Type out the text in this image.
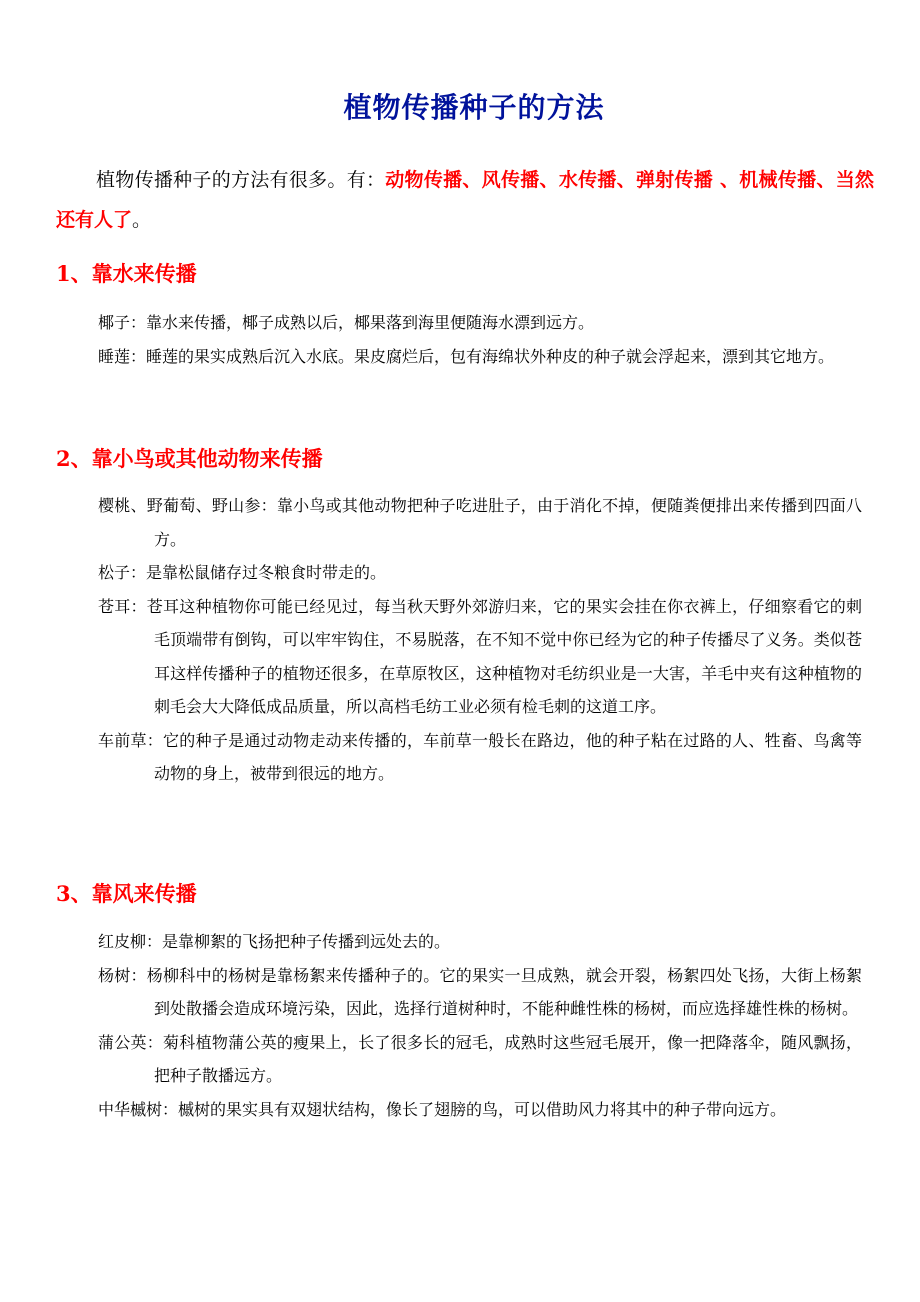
植物传播种子的方法

植物传播种子的方法有很多。有：动物传播、风传播、水传播、弹射传播 、机械传播、当然还有人了。

1、靠水来传播

椰子：靠水来传播，椰子成熟以后，椰果落到海里便随海水漂到远方。

睡莲：睡莲的果实成熟后沉入水底。果皮腐烂后，包有海绵状外种皮的种子就会浮起来，漂到其它地方。

2、靠小鸟或其他动物来传播

樱桃、野葡萄、野山参：靠小鸟或其他动物把种子吃进肚子，由于消化不掉，便随粪便排出来传播到四面八方。

松子：是靠松鼠储存过冬粮食时带走的。

苍耳：苍耳这种植物你可能已经见过，每当秋天野外郊游归来，它的果实会挂在你衣裤上，仔细察看它的刺毛顶端带有倒钩，可以牢牢钩住，不易脱落，在不知不觉中你已经为它的种子传播尽了义务。类似苍耳这样传播种子的植物还很多，在草原牧区，这种植物对毛纺织业是一大害，羊毛中夹有这种植物的刺毛会大大降低成品质量，所以高档毛纺工业必须有检毛刺的这道工序。

车前草：它的种子是通过动物走动来传播的，车前草一般长在路边，他的种子粘在过路的人、牲畜、鸟禽等动物的身上，被带到很远的地方。

3、靠风来传播

红皮柳：是靠柳絮的飞扬把种子传播到远处去的。

杨树：杨柳科中的杨树是靠杨絮来传播种子的。它的果实一旦成熟，就会开裂，杨絮四处飞扬，大街上杨絮到处散播会造成环境污染，因此，选择行道树种时，不能种雌性株的杨树，而应选择雄性株的杨树。

蒲公英：菊科植物蒲公英的瘦果上，长了很多长的冠毛，成熟时这些冠毛展开，像一把降落伞，随风飘扬，把种子散播远方。

中华槭树：槭树的果实具有双翅状结构，像长了翅膀的鸟，可以借助风力将其中的种子带向远方。
